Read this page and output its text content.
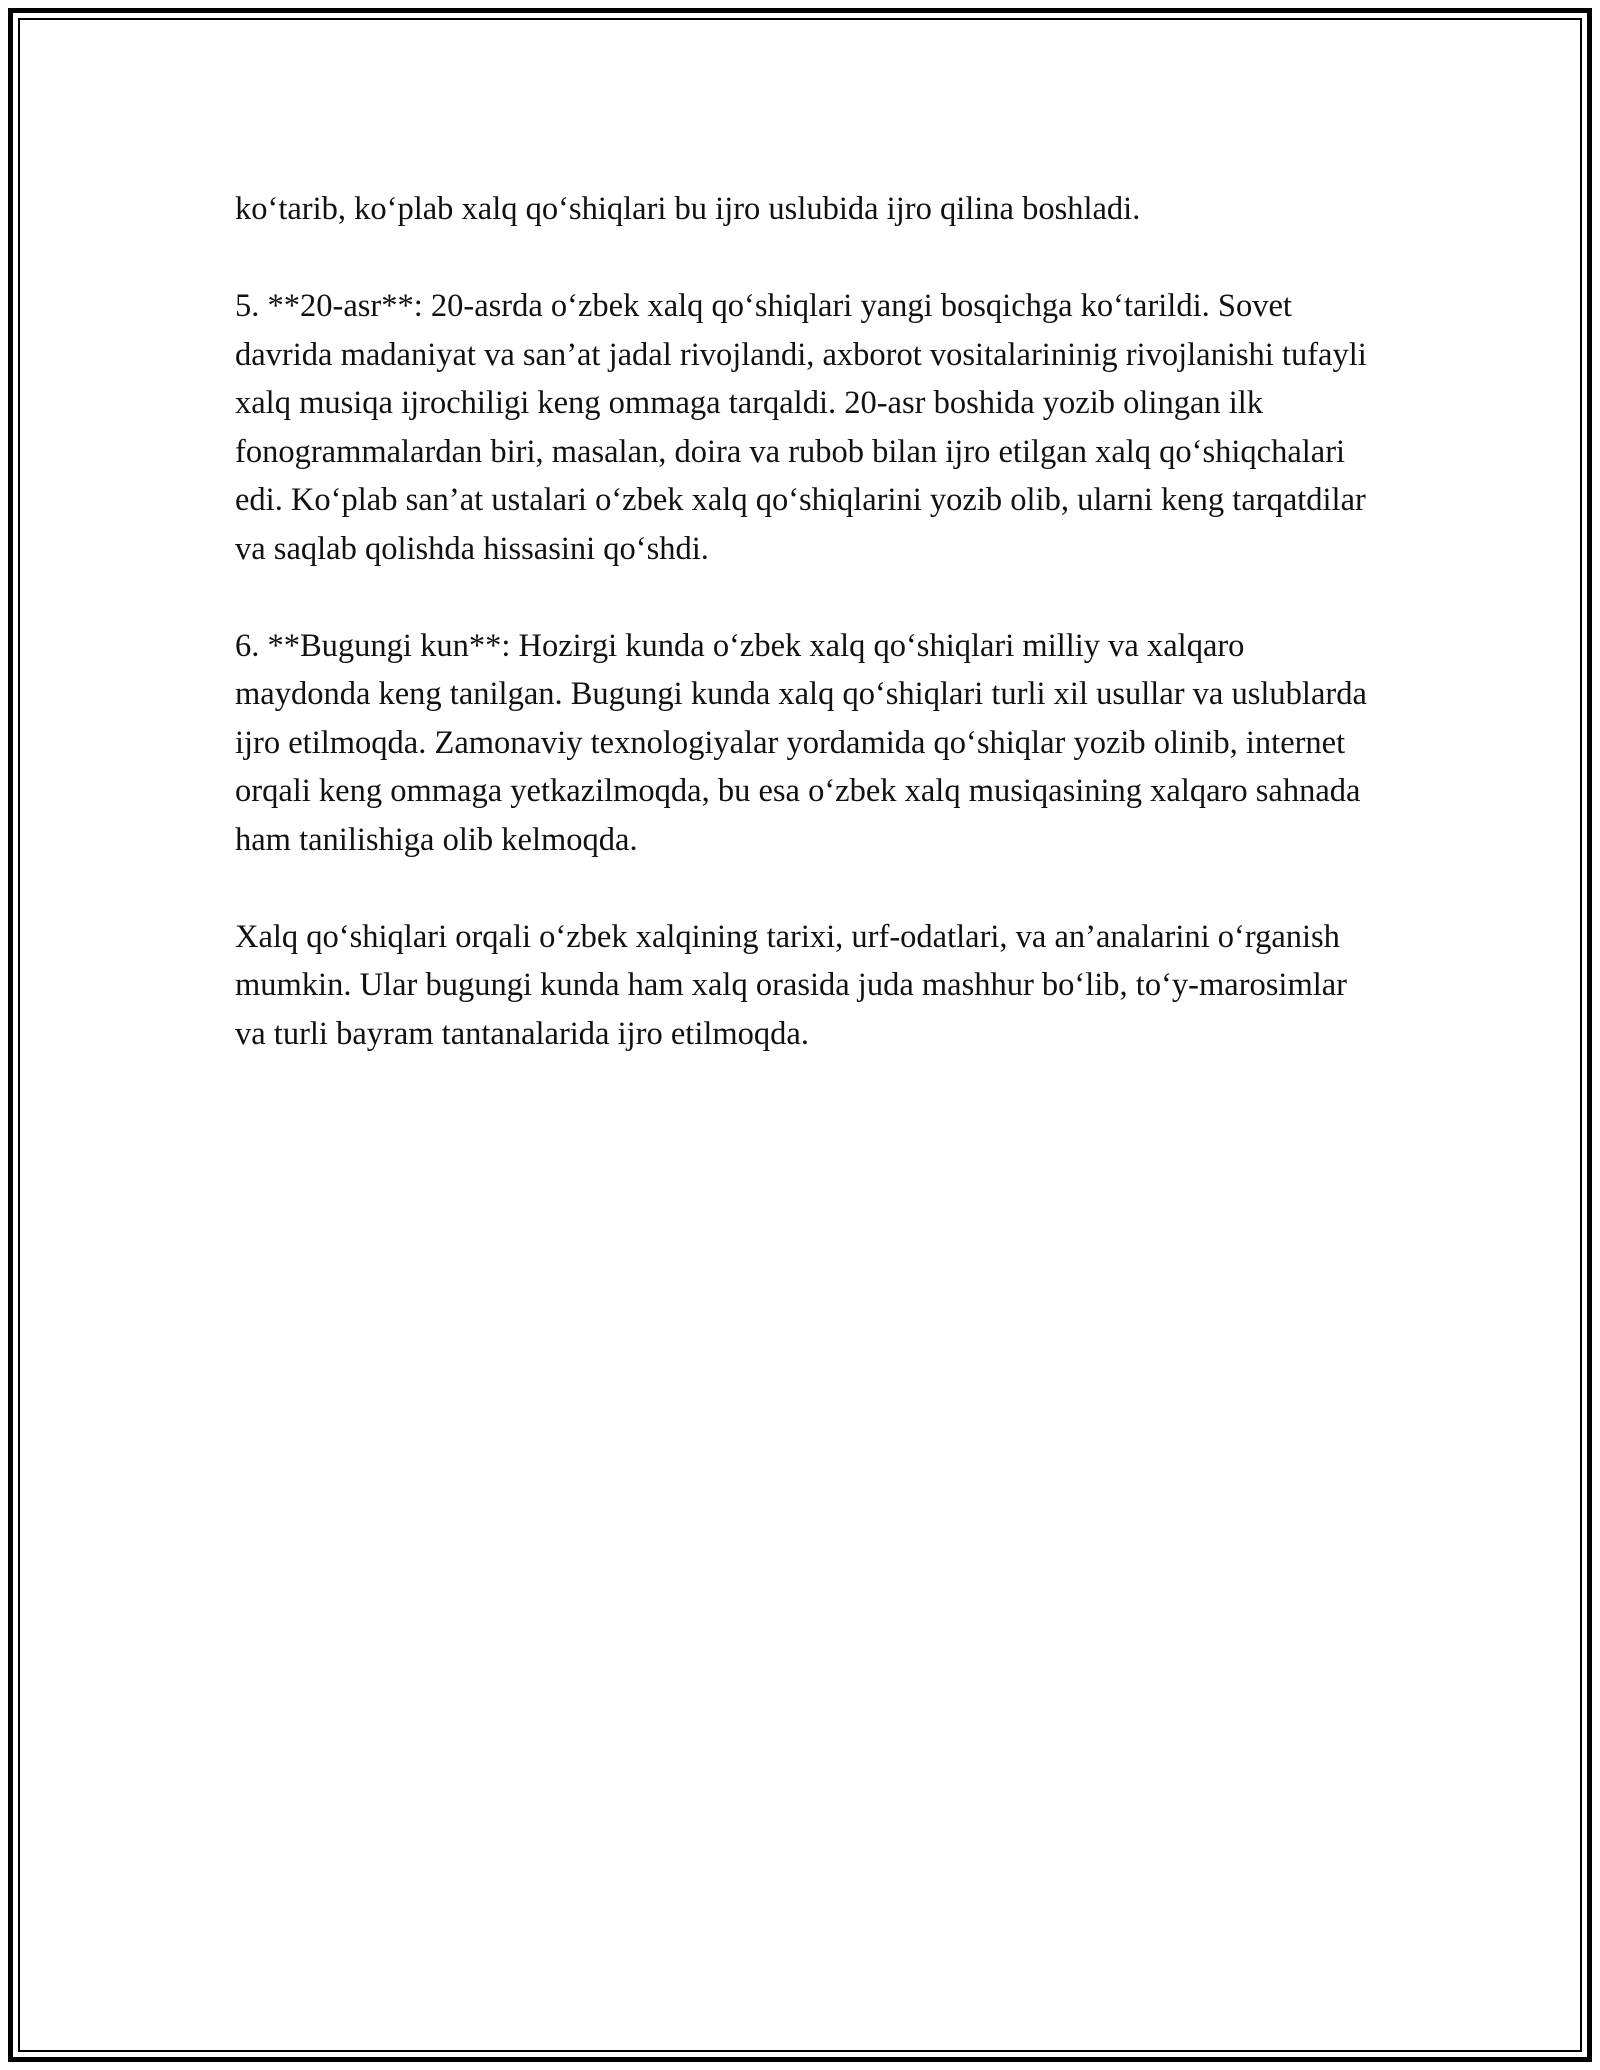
ko‘tarib, ko‘plab xalq qo‘shiqlari bu ijro uslubida ijro qilina boshladi.

5. **20-asr**: 20-asrda o‘zbek xalq qo‘shiqlari yangi bosqichga ko‘tarildi. Sovet davrida madaniyat va san’at jadal rivojlandi, axborot vositalarininig rivojlanishi tufayli xalq musiqa ijrochiligi keng ommaga tarqaldi. 20-asr boshida yozib olingan ilk fonogrammalardan biri, masalan, doira va rubob bilan ijro etilgan xalq qo‘shiqchalari edi. Ko‘plab san’at ustalari o‘zbek xalq qo‘shiqlarini yozib olib, ularni keng tarqatdilar va saqlab qolishda hissasini qo‘shdi.

6. **Bugungi kun**: Hozirgi kunda o‘zbek xalq qo‘shiqlari milliy va xalqaro maydonda keng tanilgan. Bugungi kunda xalq qo‘shiqlari turli xil usullar va uslublarda ijro etilmoqda. Zamonaviy texnologiyalar yordamida qo‘shiqlar yozib olinib, internet orqali keng ommaga yetkazilmoqda, bu esa o‘zbek xalq musiqasining xalqaro sahnada ham tanilishiga olib kelmoqda.

Xalq qo‘shiqlari orqali o‘zbek xalqining tarixi, urf-odatlari, va an’analarini o‘rganish mumkin. Ular bugungi kunda ham xalq orasida juda mashhur bo‘lib, to‘y-marosimlar va turli bayram tantanalarida ijro etilmoqda.
